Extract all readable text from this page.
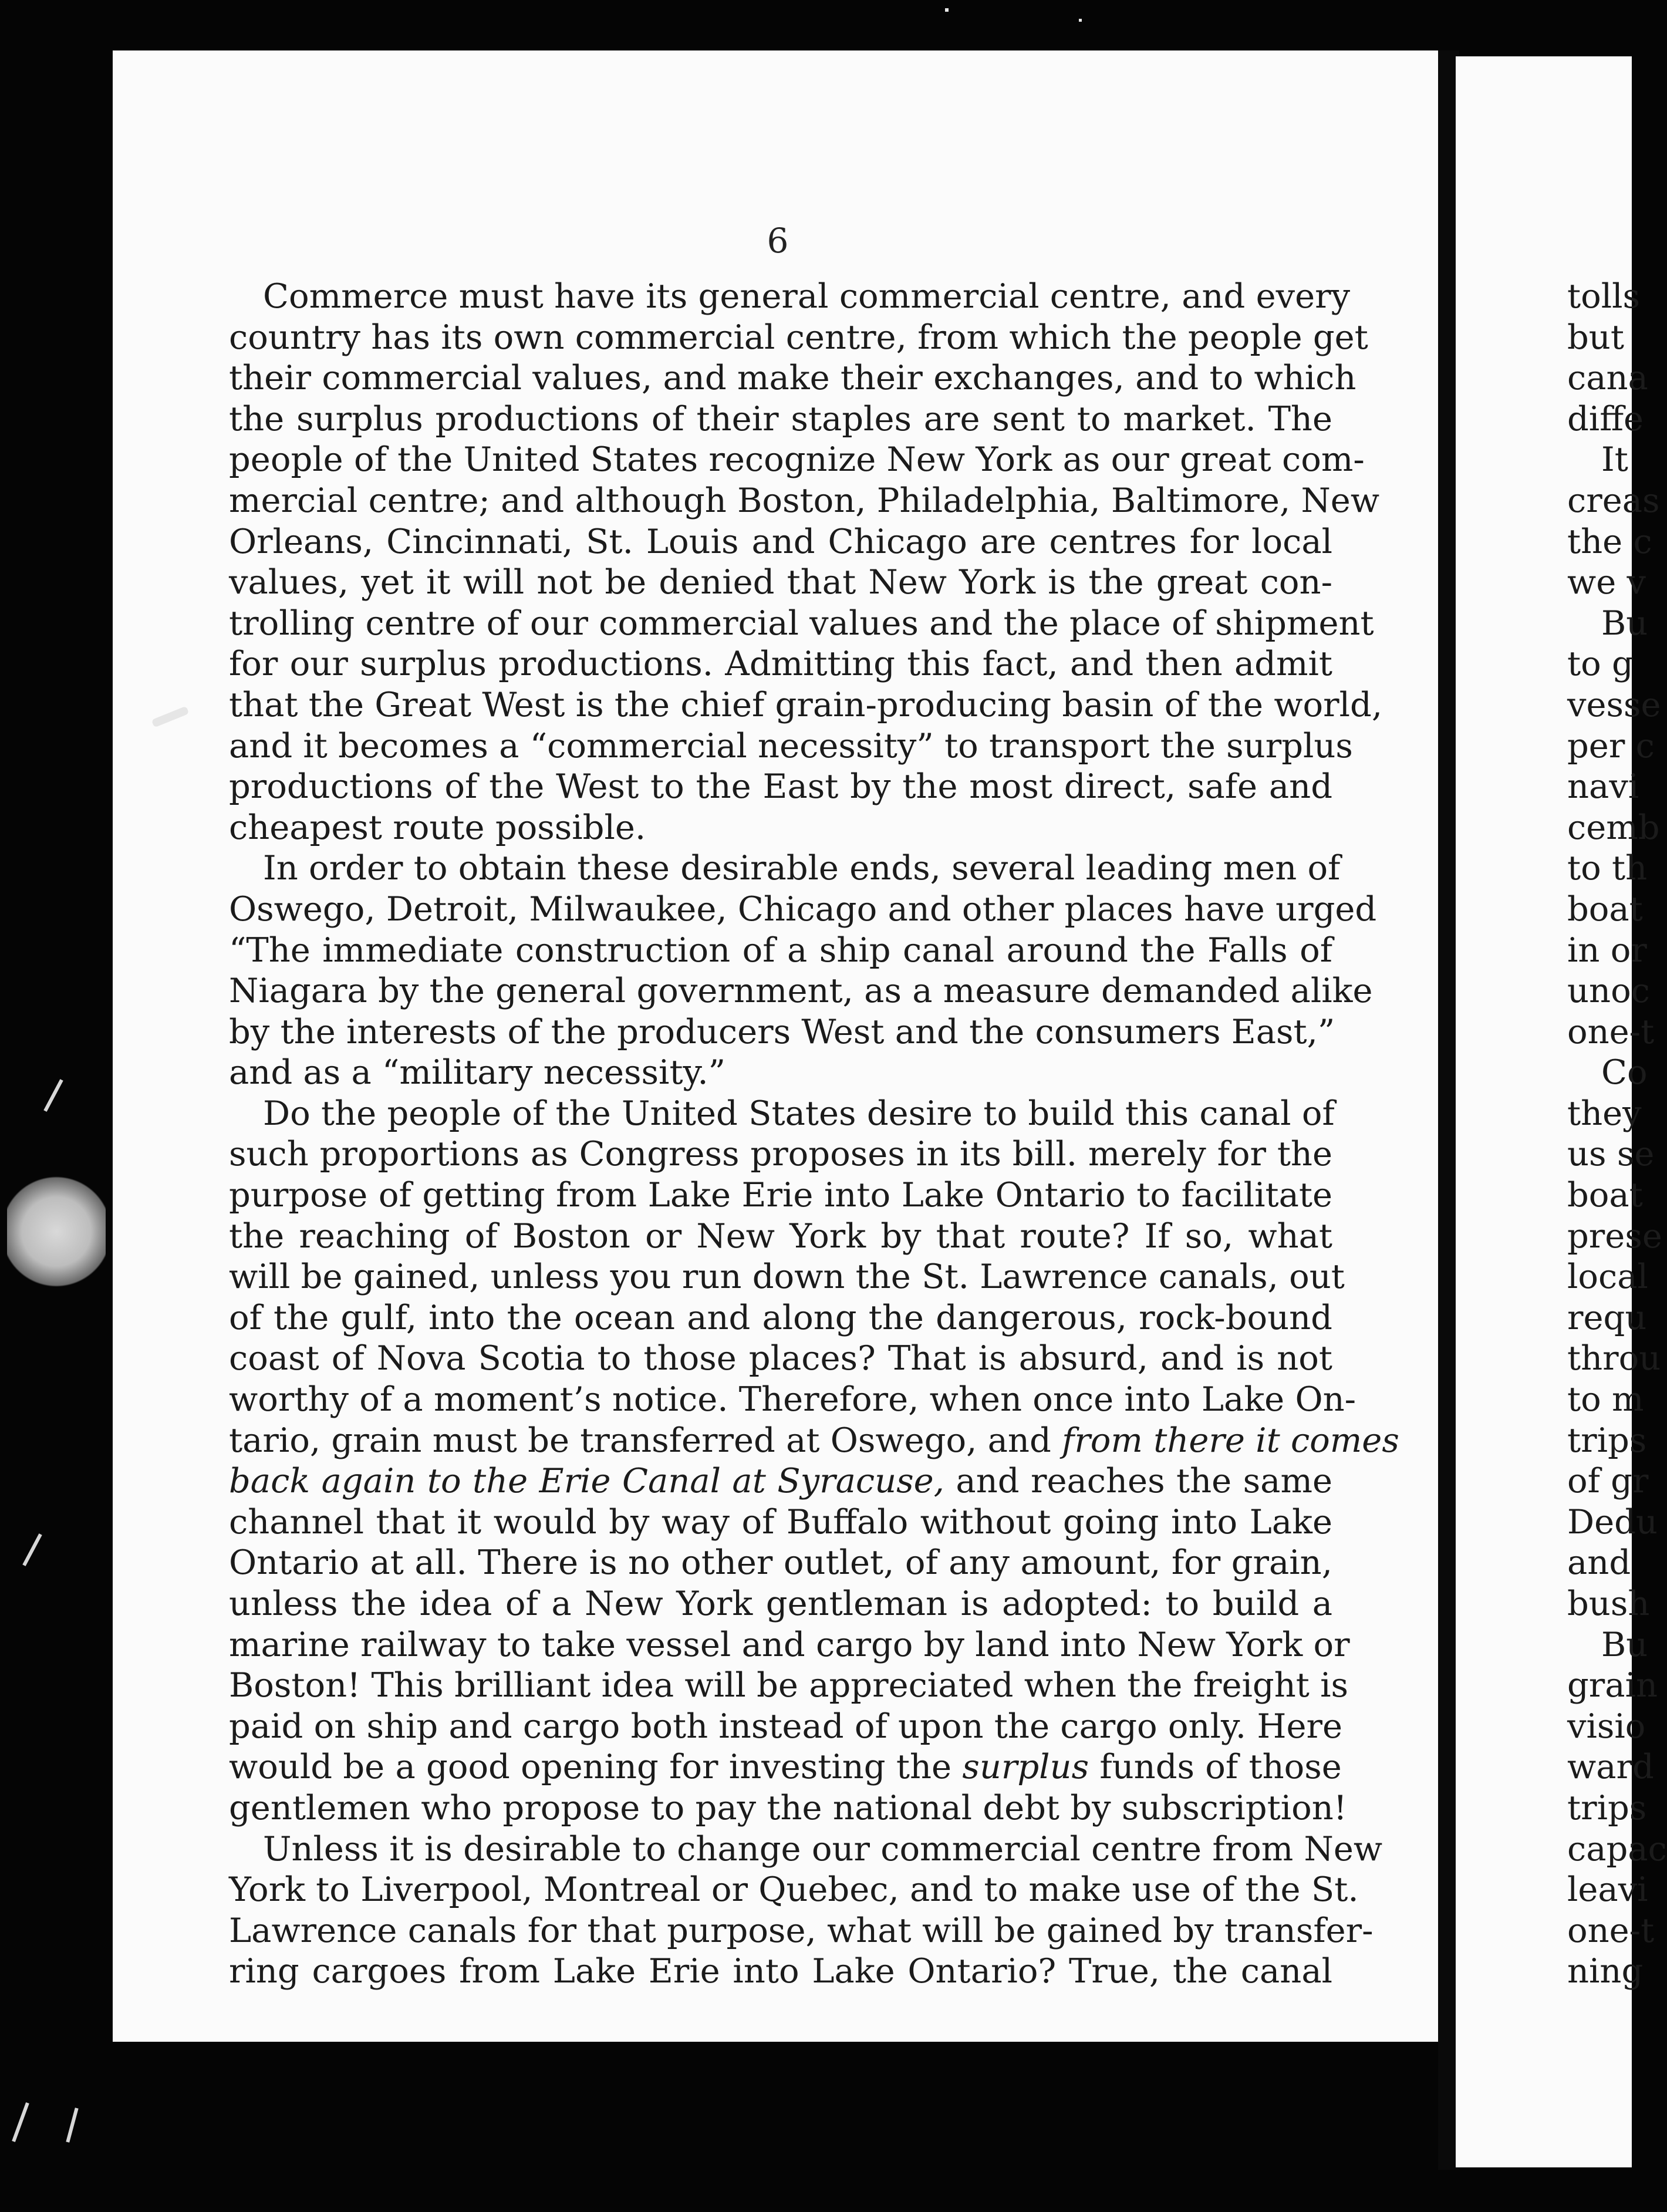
6
Commerce must have its general commercial centre, and every
country has its own commercial centre, from which the people get
their commercial values, and make their exchanges, and to which
the surplus productions of their staples are sent to market. The
people of the United States recognize New York as our great com-
mercial centre; and although Boston, Philadelphia, Baltimore, New
Orleans, Cincinnati, St. Louis and Chicago are centres for local
values, yet it will not be denied that New York is the great con-
trolling centre of our commercial values and the place of shipment
for our surplus productions. Admitting this fact, and then admit
that the Great West is the chief grain-producing basin of the world,
and it becomes a “commercial necessity” to transport the surplus
productions of the West to the East by the most direct, safe and
cheapest route possible.
In order to obtain these desirable ends, several leading men of
Oswego, Detroit, Milwaukee, Chicago and other places have urged
“The immediate construction of a ship canal around the Falls of
Niagara by the general government, as a measure demanded alike
by the interests of the producers West and the consumers East,”
and as a “military necessity.”
Do the people of the United States desire to build this canal of
such proportions as Congress proposes in its bill. merely for the
purpose of getting from Lake Erie into Lake Ontario to facilitate
the reaching of Boston or New York by that route? If so, what
will be gained, unless you run down the St. Lawrence canals, out
of the gulf, into the ocean and along the dangerous, rock-bound
coast of Nova Scotia to those places? That is absurd, and is not
worthy of a moment’s notice. Therefore, when once into Lake On-
tario, grain must be transferred at Oswego, and from there it comes
back again to the Erie Canal at Syracuse, and reaches the same
channel that it would by way of Buffalo without going into Lake
Ontario at all. There is no other outlet, of any amount, for grain,
unless the idea of a New York gentleman is adopted: to build a
marine railway to take vessel and cargo by land into New York or
Boston! This brilliant idea will be appreciated when the freight is
paid on ship and cargo both instead of upon the cargo only. Here
would be a good opening for investing the surplus funds of those
gentlemen who propose to pay the national debt by subscription!
Unless it is desirable to change our commercial centre from New
York to Liverpool, Montreal or Quebec, and to make use of the St.
Lawrence canals for that purpose, what will be gained by transfer-
ring cargoes from Lake Erie into Lake Ontario? True, the canal
tolls
but
cana
diffe
It
creas
the c
we v
Bu
to g
vesse
per c
navi
cemb
to th
boat
in or
unoc
one-t
Co
they
us se
boat
prese
local
requ
throu
to m
trips
of gr
Dedu
and
bush
Bu
grain
visio
ward
trips
capac
leavi
one-t
ning
